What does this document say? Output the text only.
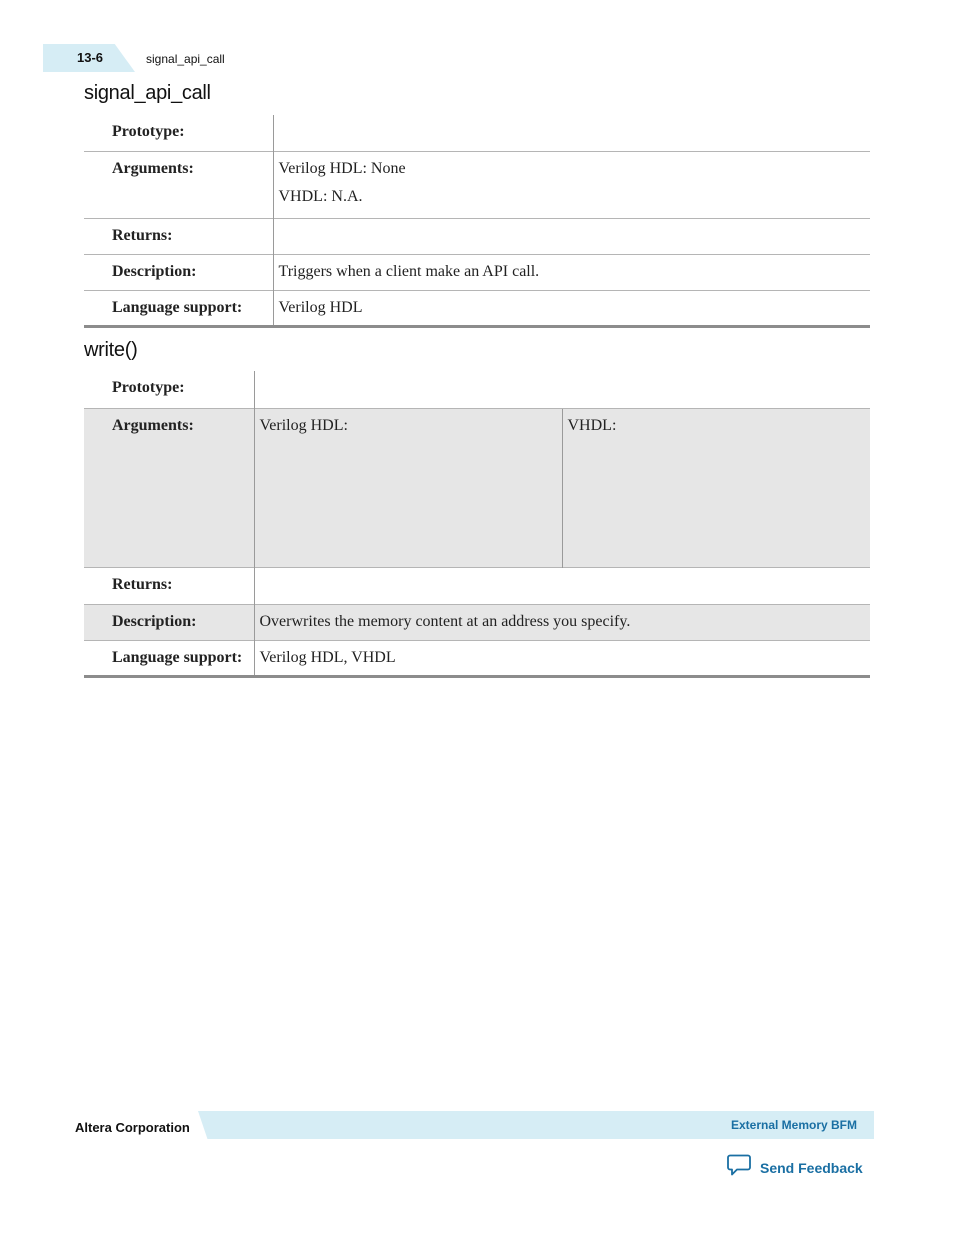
13-6	signal_api_call
signal_api_call
Prototype:	
Arguments:	Verilog HDL: None

VHDL: N.A.

Returns:	
Description:	Triggers when a client make an API call.
Language support:	Verilog HDL
write()
Prototype:		
Arguments:	Verilog HDL:	VHDL:
Returns:		
Description:	Overwrites the memory content at an address you specify.	
Language support:	Verilog HDL, VHDL	
Altera Corporation	External Memory BFM
Send Feedback
